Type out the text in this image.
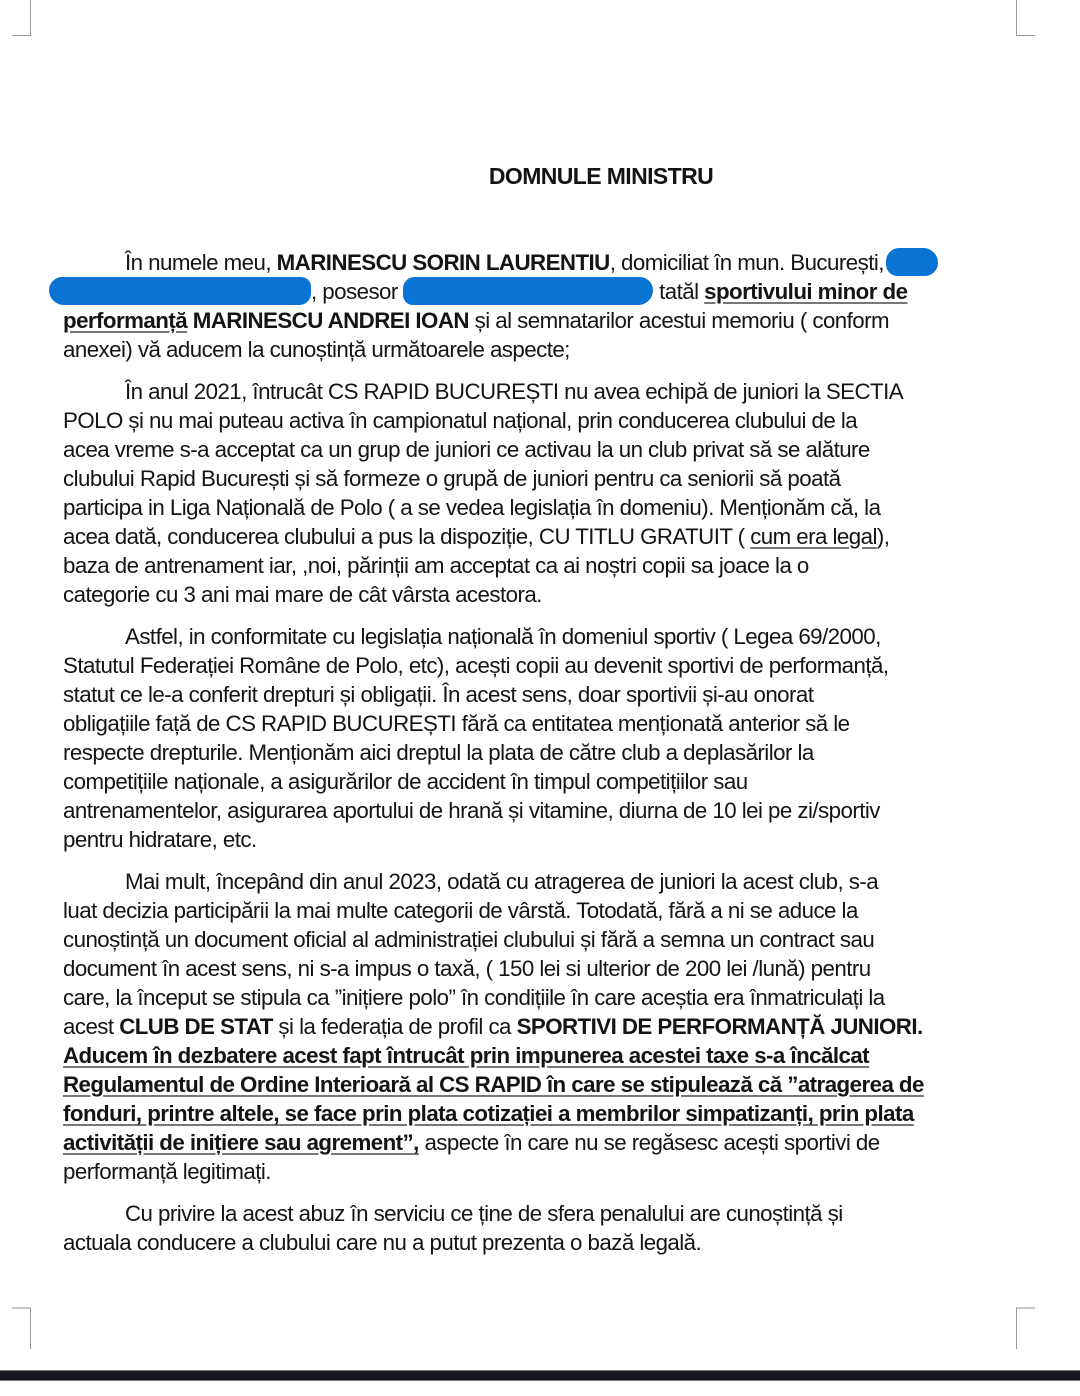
DOMNULE MINISTRU

În numele meu, MARINESCU SORIN LAURENTIU, domiciliat în mun. București,
, posesor	tatăl sportivului minor de
performanță MARINESCU ANDREI IOAN și al semnatarilor acestui memoriu ( conform
anexei) vă aducem la cunoștință următoarele aspecte;

În anul 2021, întrucât CS RAPID BUCUREȘTI nu avea echipă de juniori la SECTIA
POLO și nu mai puteau activa în campionatul național, prin conducerea clubului de la
acea vreme s-a acceptat ca un grup de juniori ce activau la un club privat să se alăture
clubului Rapid București și să formeze o grupă de juniori pentru ca seniorii să poată
participa in Liga Națională de Polo ( a se vedea legislația în domeniu). Menționăm că, la
acea dată, conducerea clubului a pus la dispoziție, CU TITLU GRATUIT ( cum era legal),
baza de antrenament iar, ,noi, părinții am acceptat ca ai noștri copii sa joace la o
categorie cu 3 ani mai mare de cât vârsta acestora.

Astfel, in conformitate cu legislația națională în domeniul sportiv ( Legea 69/2000,
Statutul Federației Române de Polo, etc), acești copii au devenit sportivi de performanță,
statut ce le-a conferit drepturi și obligații. În acest sens, doar sportivii și-au onorat
obligațiile față de CS RAPID BUCUREȘTI fără ca entitatea menționată anterior să le
respecte drepturile. Menționăm aici dreptul la plata de către club a deplasărilor la
competițiile naționale, a asigurărilor de accident în timpul competițiilor sau
antrenamentelor, asigurarea aportului de hrană și vitamine, diurna de 10 lei pe zi/sportiv
pentru hidratare, etc.

Mai mult, începând din anul 2023, odată cu atragerea de juniori la acest club, s-a
luat decizia participării la mai multe categorii de vârstă. Totodată, fără a ni se aduce la
cunoștință un document oficial al administrației clubului și fără a semna un contract sau
document în acest sens, ni s-a impus o taxă, ( 150 lei si ulterior de 200 lei /lună) pentru
care, la început se stipula ca ”inițiere polo” în condițiile în care aceștia era înmatriculați la
acest CLUB DE STAT și la federația de profil ca SPORTIVI DE PERFORMANȚĂ JUNIORI.
Aducem în dezbatere acest fapt întrucât prin impunerea acestei taxe s-a încălcat
Regulamentul de Ordine Interioară al CS RAPID în care se stipulează că ”atragerea de
fonduri, printre altele, se face prin plata cotizației a membrilor simpatizanți, prin plata
activității de inițiere sau agrement”, aspecte în care nu se regăsesc acești sportivi de
performanță legitimați.

Cu privire la acest abuz în serviciu ce ține de sfera penalului are cunoștință și
actuala conducere a clubului care nu a putut prezenta o bază legală.
